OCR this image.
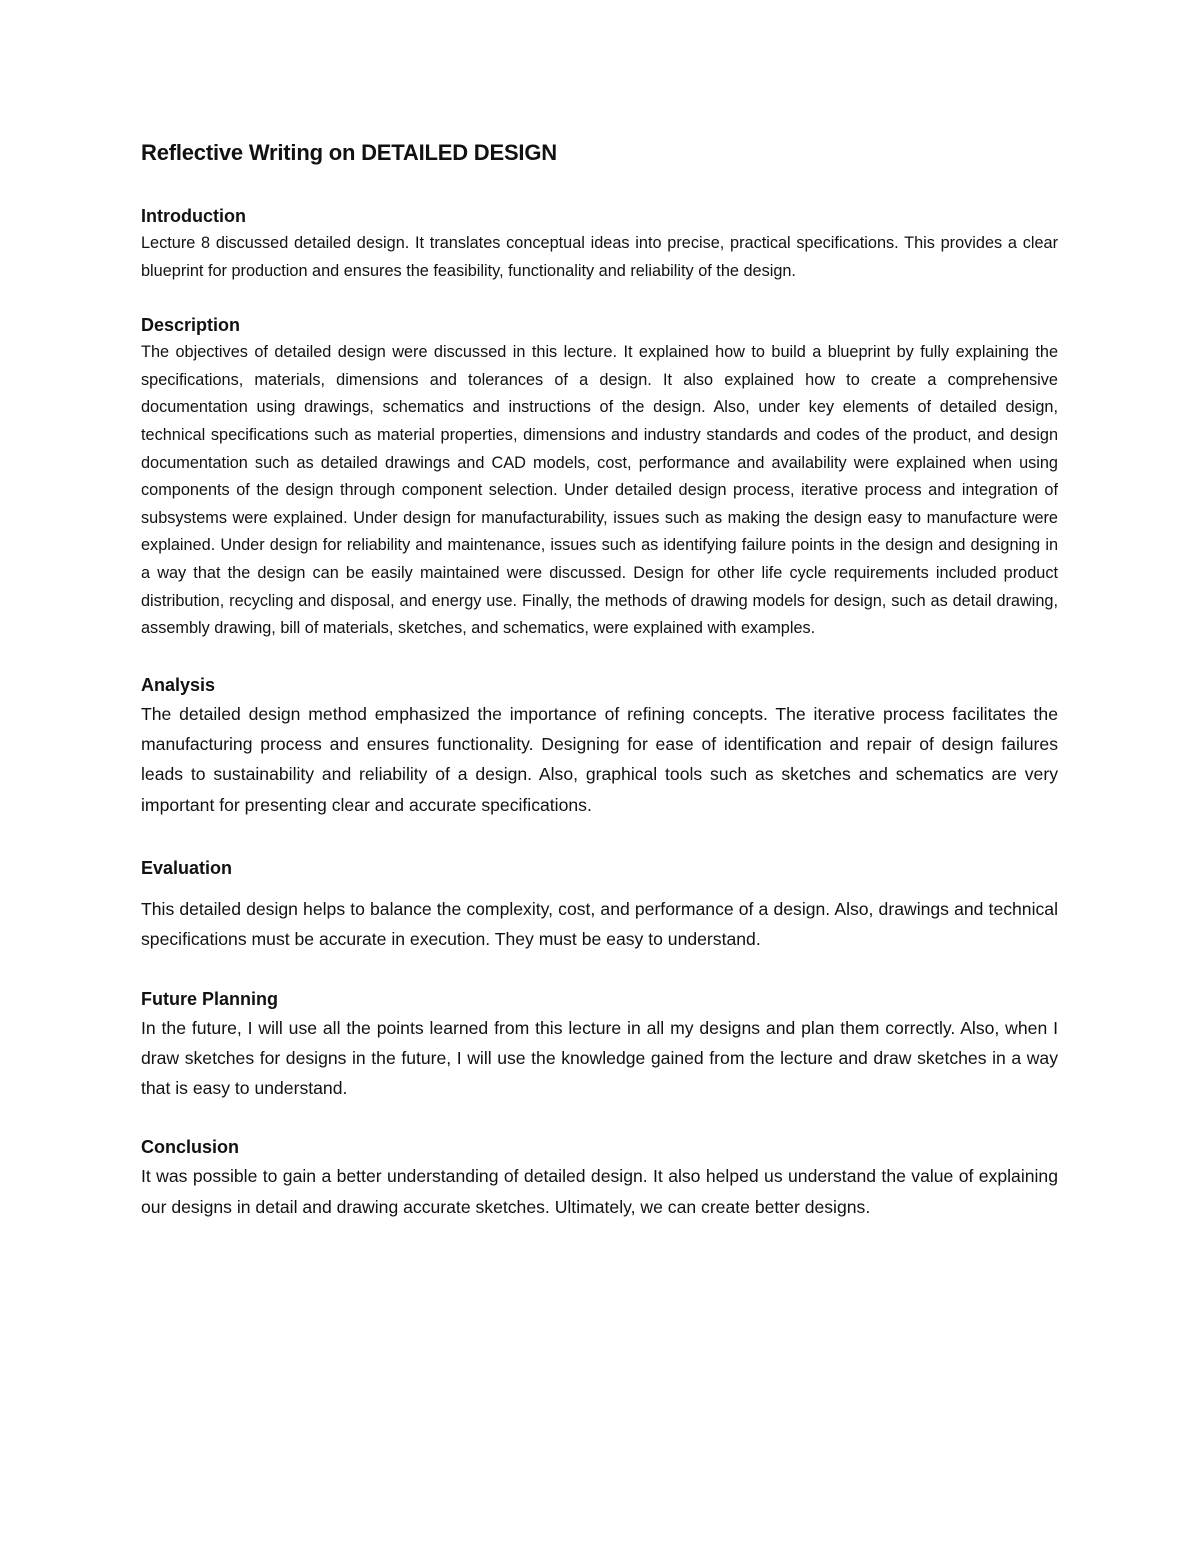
Reflective Writing on DETAILED DESIGN
Introduction

Lecture 8 discussed detailed design. It translates conceptual ideas into precise, practical specifications. This provides a clear blueprint for production and ensures the feasibility, functionality and reliability of the design.

Description

The objectives of detailed design were discussed in this lecture. It explained how to build a blueprint by fully explaining the specifications, materials, dimensions and tolerances of a design. It also explained how to create a comprehensive documentation using drawings, schematics and instructions of the design. Also, under key elements of detailed design, technical specifications such as material properties, dimensions and industry standards and codes of the product, and design documentation such as detailed drawings and CAD models, cost, performance and availability were explained when using components of the design through component selection. Under detailed design process, iterative process and integration of subsystems were explained. Under design for manufacturability, issues such as making the design easy to manufacture were explained. Under design for reliability and maintenance, issues such as identifying failure points in the design and designing in a way that the design can be easily maintained were discussed. Design for other life cycle requirements included product distribution, recycling and disposal, and energy use. Finally, the methods of drawing models for design, such as detail drawing, assembly drawing, bill of materials, sketches, and schematics, were explained with examples.

Analysis

The detailed design method emphasized the importance of refining concepts. The iterative process facilitates the manufacturing process and ensures functionality. Designing for ease of identification and repair of design failures leads to sustainability and reliability of a design. Also, graphical tools such as sketches and schematics are very important for presenting clear and accurate specifications.

Evaluation

This detailed design helps to balance the complexity, cost, and performance of a design. Also, drawings and technical specifications must be accurate in execution. They must be easy to understand.

Future Planning

In the future, I will use all the points learned from this lecture in all my designs and plan them correctly. Also, when I draw sketches for designs in the future, I will use the knowledge gained from the lecture and draw sketches in a way that is easy to understand.

Conclusion

It was possible to gain a better understanding of detailed design. It also helped us understand the value of explaining our designs in detail and drawing accurate sketches. Ultimately, we can create better designs.
